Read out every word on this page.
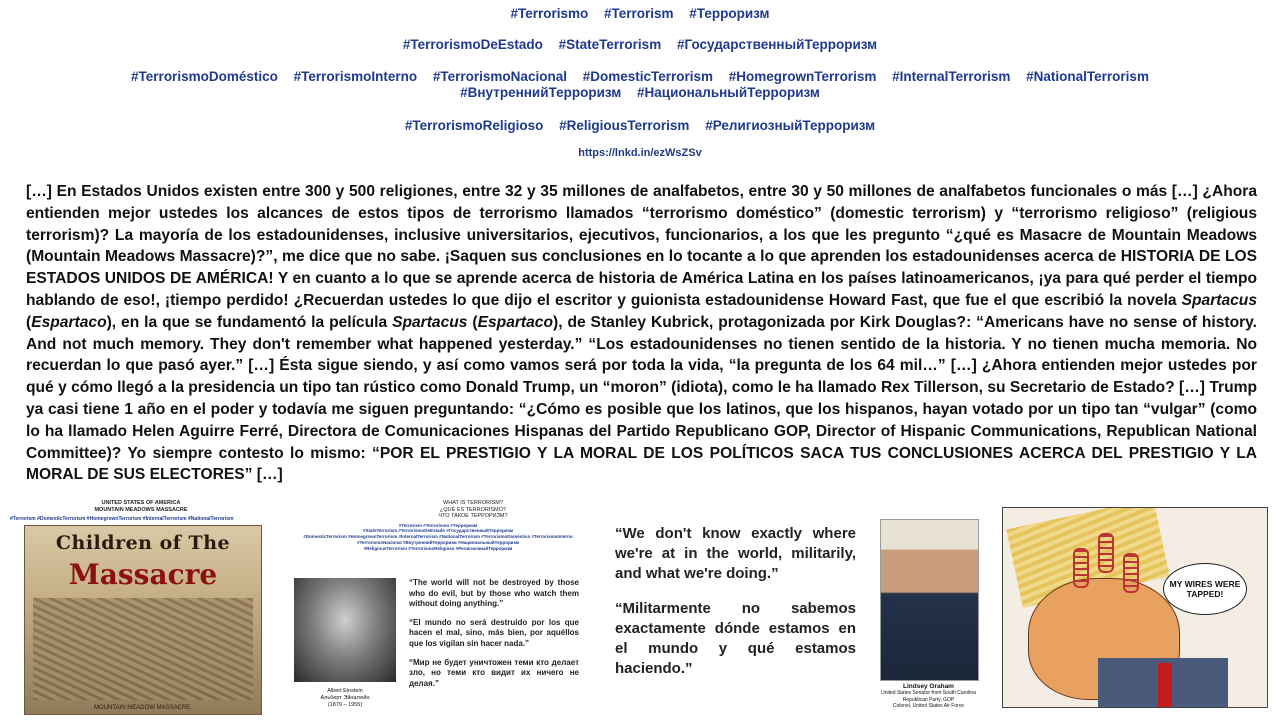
#Terrorismo #Terrorism #Терроризм
#TerrorismoDeEstado #StateTerrorism #ГосударственныйТерроризм
#TerrorismoDoméstico #TerrorismoInterno #TerrorismoNacional #DomesticTerrorism #HomegrownTerrorism #InternalTerrorism #NationalTerrorism
#ВнутреннийТерроризм #НациональныйТерроризм
#TerrorismoReligioso #ReligiousTerrorism #РелигиозныйТерроризм
https://lnkd.in/ezWsZSv
[…] En Estados Unidos existen entre 300 y 500 religiones, entre 32 y 35 millones de analfabetos, entre 30 y 50 millones de analfabetos funcionales o más […] ¿Ahora entienden mejor ustedes los alcances de estos tipos de terrorismo llamados “terrorismo doméstico” (domestic terrorism) y “terrorismo religioso” (religious terrorism)? La mayoría de los estadounidenses, inclusive universitarios, ejecutivos, funcionarios, a los que les pregunto “¿qué es Masacre de Mountain Meadows (Mountain Meadows Massacre)?”, me dice que no sabe. ¡Saquen sus conclusiones en lo tocante a lo que aprenden los estadounidenses acerca de HISTORIA DE LOS ESTADOS UNIDOS DE AMÉRICA! Y en cuanto a lo que se aprende acerca de historia de América Latina en los países latinoamericanos, ¡ya para qué perder el tiempo hablando de eso!, ¡tiempo perdido! ¿Recuerdan ustedes lo que dijo el escritor y guionista estadounidense Howard Fast, que fue el que escribió la novela Spartacus (Espartaco), en la que se fundamentó la película Spartacus (Espartaco), de Stanley Kubrick, protagonizada por Kirk Douglas?: “Americans have no sense of history. And not much memory. They don't remember what happened yesterday.” “Los estadounidenses no tienen sentido de la historia. Y no tienen mucha memoria. No recuerdan lo que pasó ayer.” […] Ésta sigue siendo, y así como vamos será por toda la vida, “la pregunta de los 64 mil…” […] ¿Ahora entienden mejor ustedes por qué y cómo llegó a la presidencia un tipo tan rústico como Donald Trump, un “moron” (idiota), como le ha llamado Rex Tillerson, su Secretario de Estado? […] Trump ya casi tiene 1 año en el poder y todavía me siguen preguntando: “¿Cómo es posible que los latinos, que los hispanos, hayan votado por un tipo tan “vulgar” (como lo ha llamado Helen Aguirre Ferré, Directora de Comunicaciones Hispanas del Partido Republicano GOP, Director of Hispanic Communications, Republican National Committee)? Yo siempre contesto lo mismo: “POR EL PRESTIGIO Y LA MORAL DE LOS POLÍTICOS SACA TUS CONCLUSIONES ACERCA DEL PRESTIGIO Y LA MORAL DE SUS ELECTORES” […]
UNITED STATES OF AMERICA
MOUNTAIN MEADOWS MASSACRE
#Terrorism #DomesticTerrorism #HomegrownTerrorism #InternalTerrorism #NationalTerrorism
Children of The
Massacre
MOUNTAIN MEADOW MASSACRE.
WHAT IS TERRORISM?
¿QUÉ ES TERRORISMO?
ЧТО ТАКОЕ ТЕРРОРИЗМ?
#Terrorism #Terrorismo #Терроризм
#StateTerrorism #TerrorismoDeEstado #ГосударственныйТерроризм
#DomesticTerrorism #HomegrownTerrorism #InternalTerrorism #NationalTerrorism #TerrorismoDoméstico #TerrorismoInterno
#TerrorismoNacional #ВнутреннийТерроризм #НациональныйТерроризм
#ReligiousTerrorism #TerrorismoReligioso #РелигиозныйТерроризм
Albert Einstein
Альберт Эйнштейн
(1879 – 1955)

“The world will not be destroyed by those who do evil, but by those who watch them without doing anything.”

“El mundo no será destruido por los que hacen el mal, sino, más bien, por aquéllos que los vigilan sin hacer nada.”

“Мир не будет уничтожен теми кто делает зло, но теми кто видит их ничего не делая.”

“We don't know exactly where we're at in the world, militarily, and what we're doing.”

“Militarmente no sabemos exactamente dónde estamos en el mundo y qué estamos haciendo.”

Lindsey Graham
United States Senator from South Carolina
Republican Party, GOP
Colonel, United States Air Force
MY WIRES WERE TAPPED!
